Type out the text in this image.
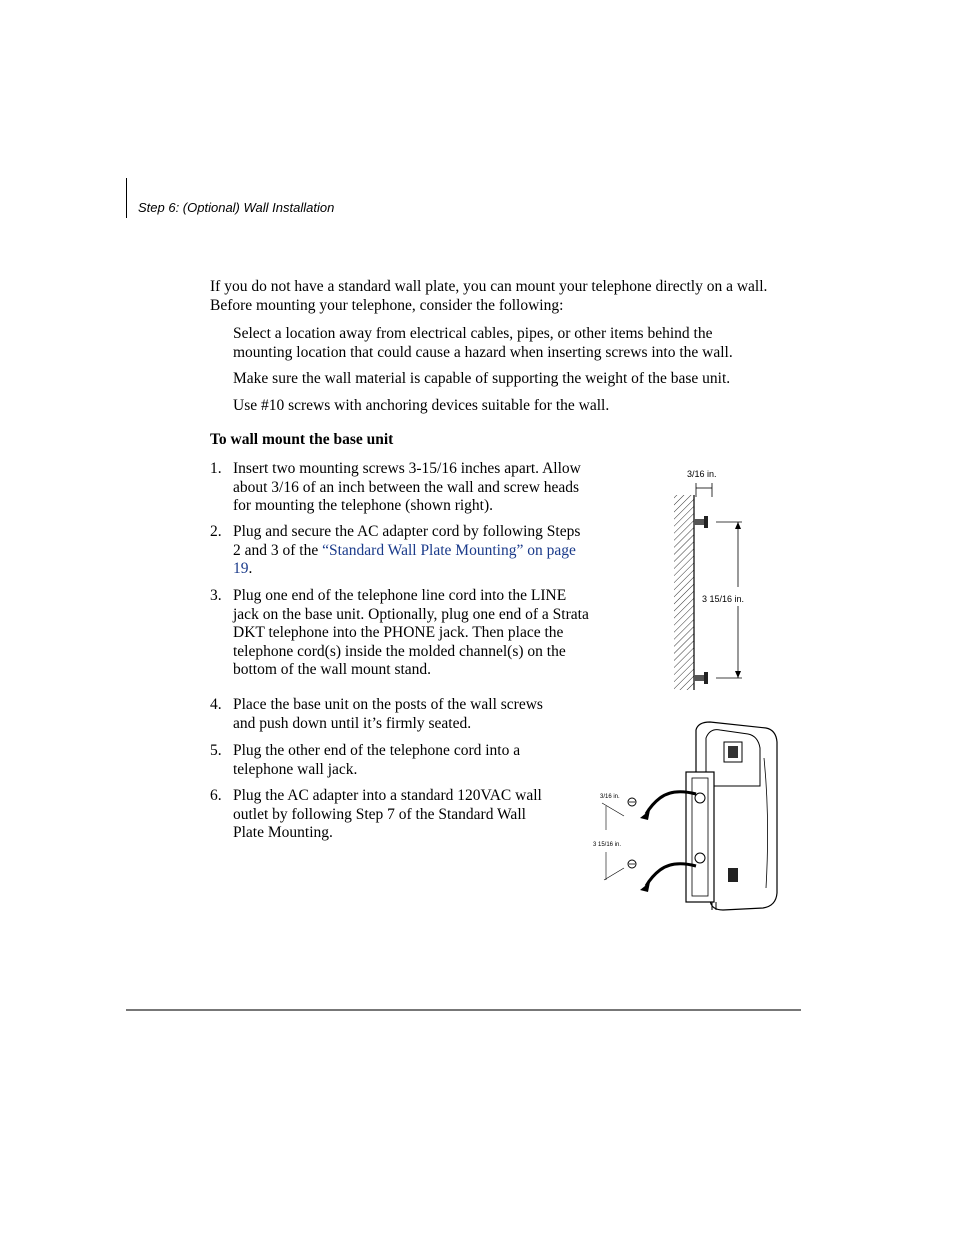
Step 6: (Optional) Wall Installation
If you do not have a standard wall plate, you can mount your telephone directly on a wall. Before mounting your telephone, consider the following:
Select a location away from electrical cables, pipes, or other items behind the
mounting location that could cause a hazard when inserting screws into the wall.
Make sure the wall material is capable of supporting the weight of the base unit.
Use #10 screws with anchoring devices suitable for the wall.
To wall mount the base unit
1. Insert two mounting screws 3-15/16 inches apart. Allow
about 3/16 of an inch between the wall and screw heads
for mounting the telephone (shown right).
2. Plug and secure the AC adapter cord by following Steps
2 and 3 of the “Standard Wall Plate Mounting” on page
19.
3. Plug one end of the telephone line cord into the LINE
jack on the base unit. Optionally, plug one end of a Strata
DKT telephone into the PHONE jack. Then place the
telephone cord(s) inside the molded channel(s) on the
bottom of the wall mount stand.
4. Place the base unit on the posts of the wall screws
and push down until it’s firmly seated.
5. Plug the other end of the telephone cord into a
telephone wall jack.
6. Plug the AC adapter into a standard 120VAC wall
outlet by following Step 7 of the Standard Wall
Plate Mounting.
3/16 in.
3 15/16 in.
3/16 in.
3 15/16 in.
